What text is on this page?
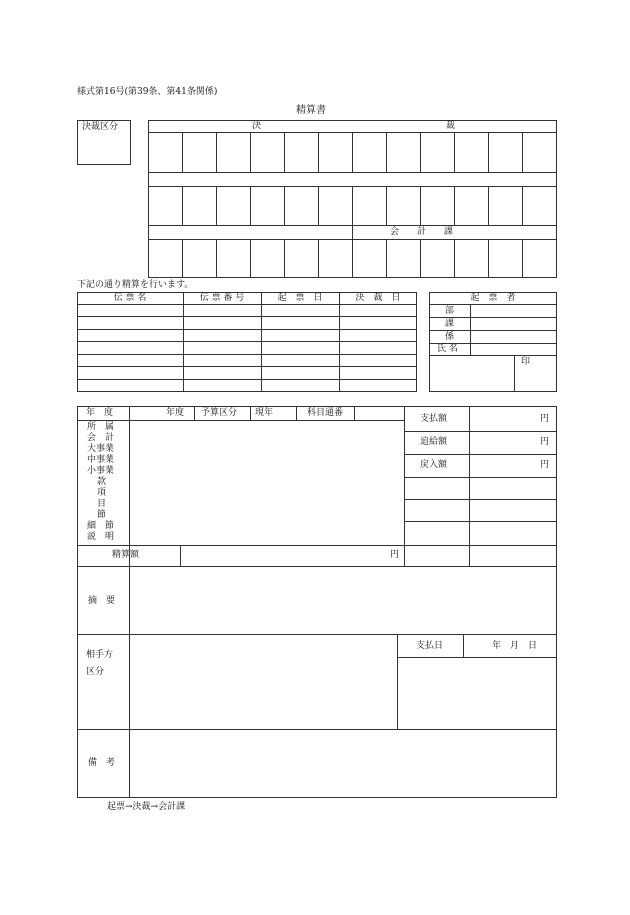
様式第16号(第39条、第41条関係)
精算書
決裁区分	決	裁
会　　計　　課
下記の通り精算を行います。
伝 票 名	伝 票 番 号	起　票　日	決　裁　日	起　票　者
部
課
係
氏 名
印
年　度	年度 予算区分 現年	科目通番
所　属
会　計
大事業
中事業
小事業
款
項
目
節
細　節
説　明
支払額	円
追給額	円
戻入額	円
精算額	円
摘　要
相手方
区分
支払日	年　月　日
備　考
起票→決裁→会計課
